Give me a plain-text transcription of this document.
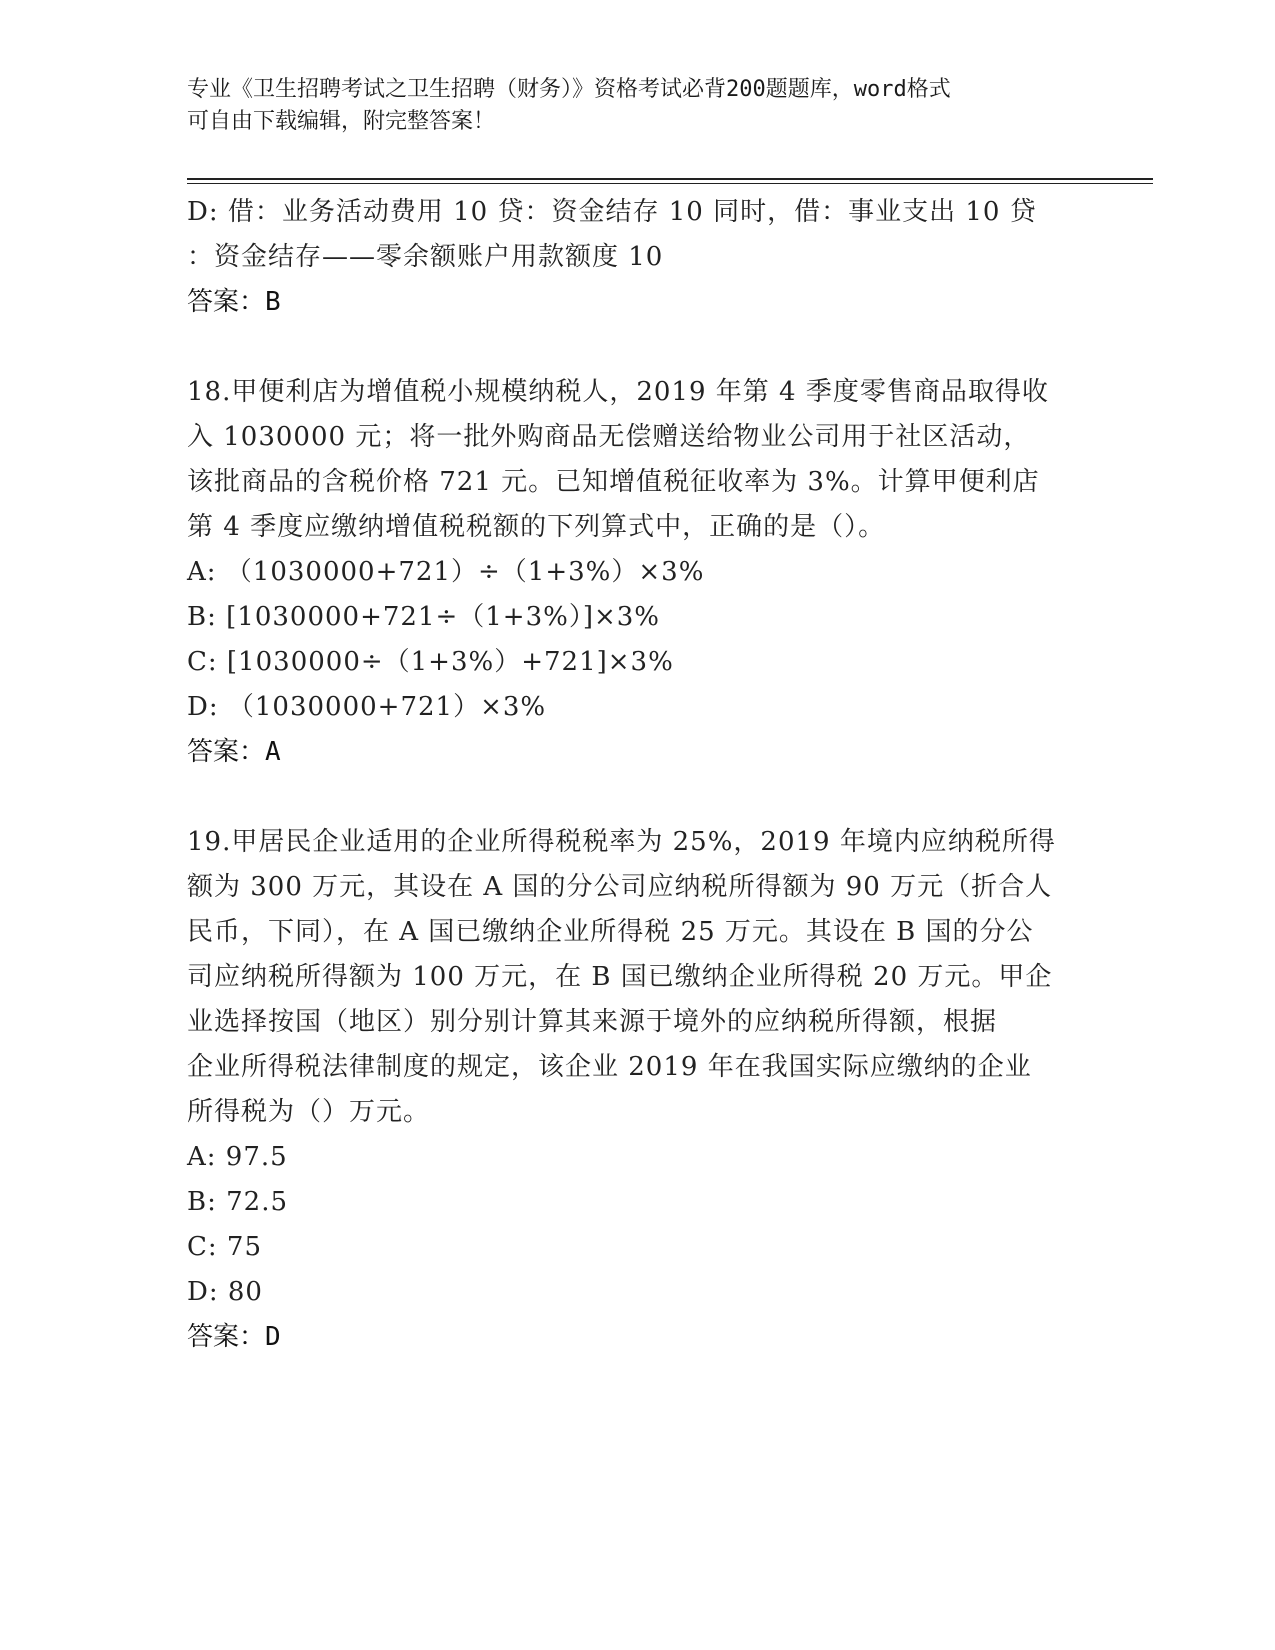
专业《卫生招聘考试之卫生招聘（财务）》资格考试必背200题题库，word格式
可自由下载编辑，附完整答案！
D: 借：业务活动费用 10 贷：资金结存 10 同时，借：事业支出 10 贷
：资金结存——零余额账户用款额度 10
答案：B
18.甲便利店为增值税小规模纳税人，2019 年第 4 季度零售商品取得收
入 1030000 元；将一批外购商品无偿赠送给物业公司用于社区活动，
该批商品的含税价格 721 元。已知增值税征收率为 3%。计算甲便利店
第 4 季度应缴纳增值税税额的下列算式中，正确的是（）。
A: （1030000+721）÷（1+3%）×3%
B: [1030000+721÷（1+3%）]×3%
C: [1030000÷（1+3%）+721]×3%
D: （1030000+721）×3%
答案：A
19.甲居民企业适用的企业所得税税率为 25%，2019 年境内应纳税所得
额为 300 万元，其设在 A 国的分公司应纳税所得额为 90 万元（折合人
民币，下同），在 A 国已缴纳企业所得税 25 万元。其设在 B 国的分公
司应纳税所得额为 100 万元，在 B 国已缴纳企业所得税 20 万元。甲企
业选择按国（地区）别分别计算其来源于境外的应纳税所得额，根据
企业所得税法律制度的规定，该企业 2019 年在我国实际应缴纳的企业
所得税为（）万元。
A: 97.5
B: 72.5
C: 75
D: 80
答案：D
